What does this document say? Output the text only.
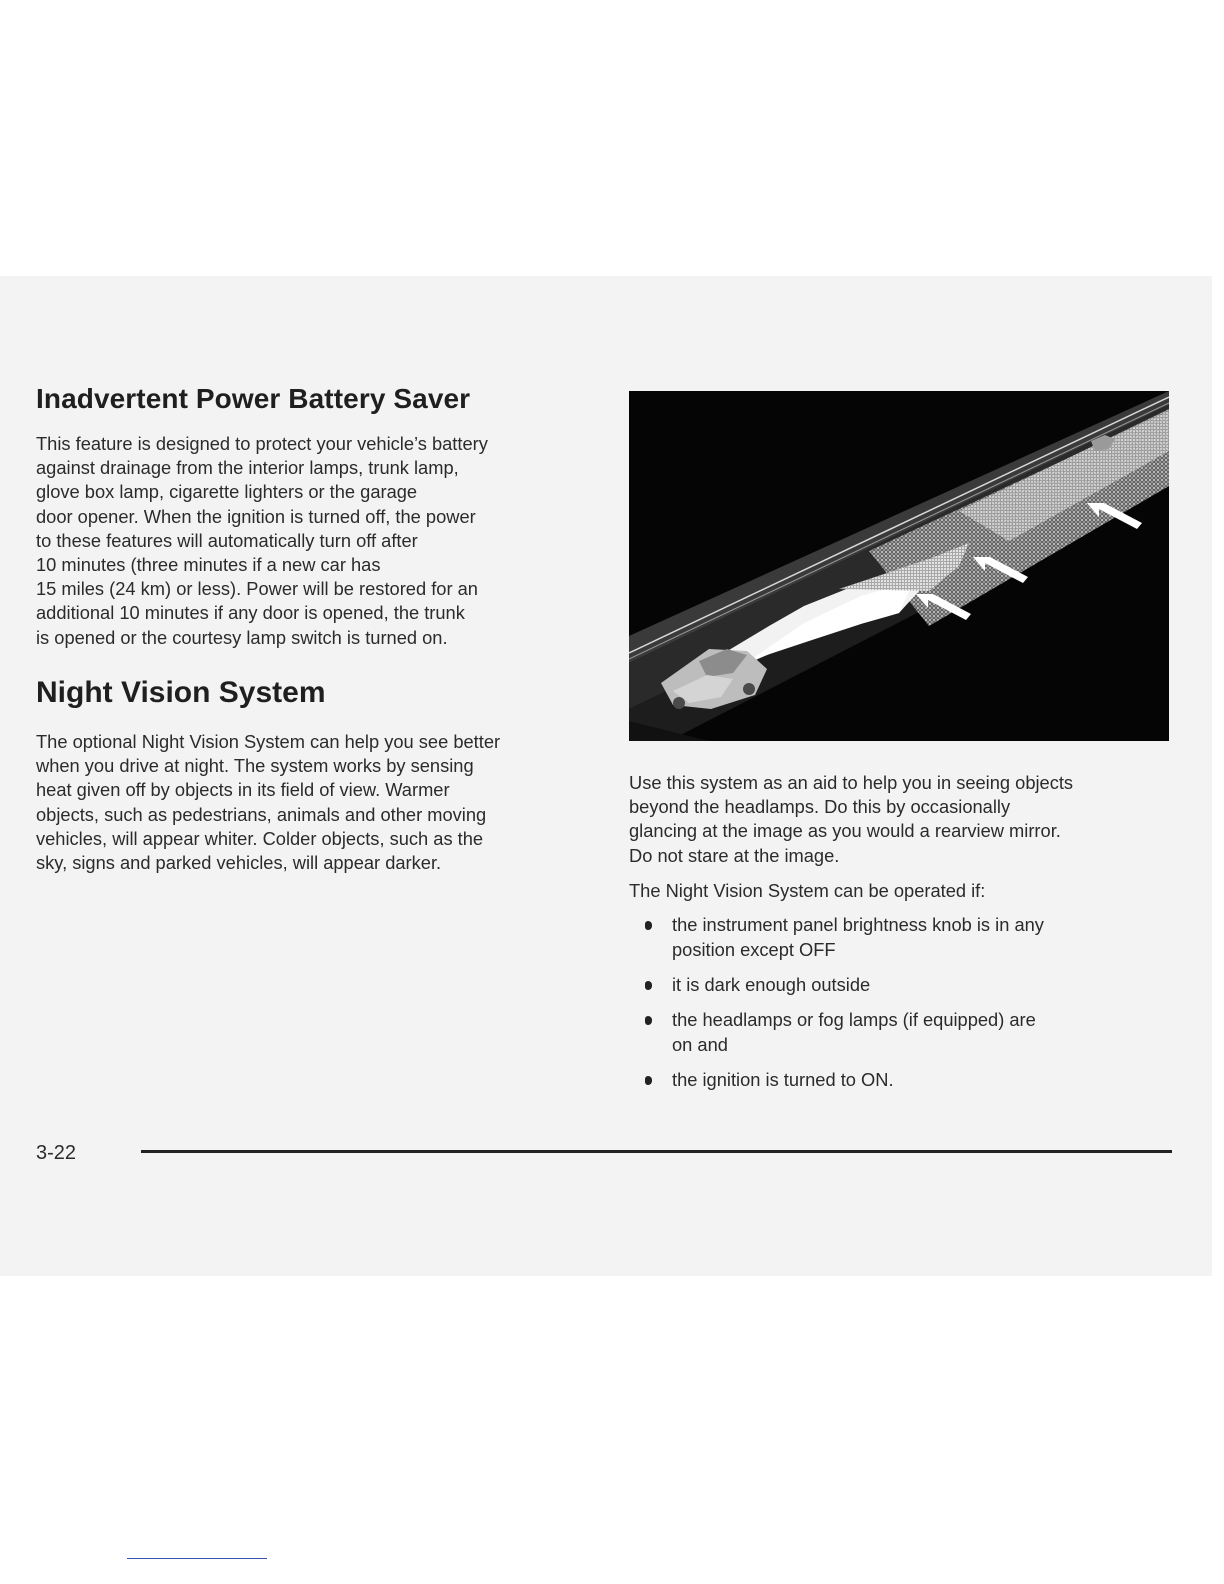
Inadvertent Power Battery Saver

This feature is designed to protect your vehicle’s battery
against drainage from the interior lamps, trunk lamp,
glove box lamp, cigarette lighters or the garage
door opener. When the ignition is turned off, the power
to these features will automatically turn off after
10 minutes (three minutes if a new car has
15 miles (24 km) or less). Power will be restored for an
additional 10 minutes if any door is opened, the trunk
is opened or the courtesy lamp switch is turned on.

Night Vision System

The optional Night Vision System can help you see better
when you drive at night. The system works by sensing
heat given off by objects in its field of view. Warmer
objects, such as pedestrians, animals and other moving
vehicles, will appear whiter. Colder objects, such as the
sky, signs and parked vehicles, will appear darker.

Use this system as an aid to help you in seeing objects
beyond the headlamps. Do this by occasionally
glancing at the image as you would a rearview mirror.
Do not stare at the image.

The Night Vision System can be operated if:

the instrument panel brightness knob is in any
position except OFF
it is dark enough outside
the headlamps or fog lamps (if equipped) are
on and
the ignition is turned to ON.

3-22
